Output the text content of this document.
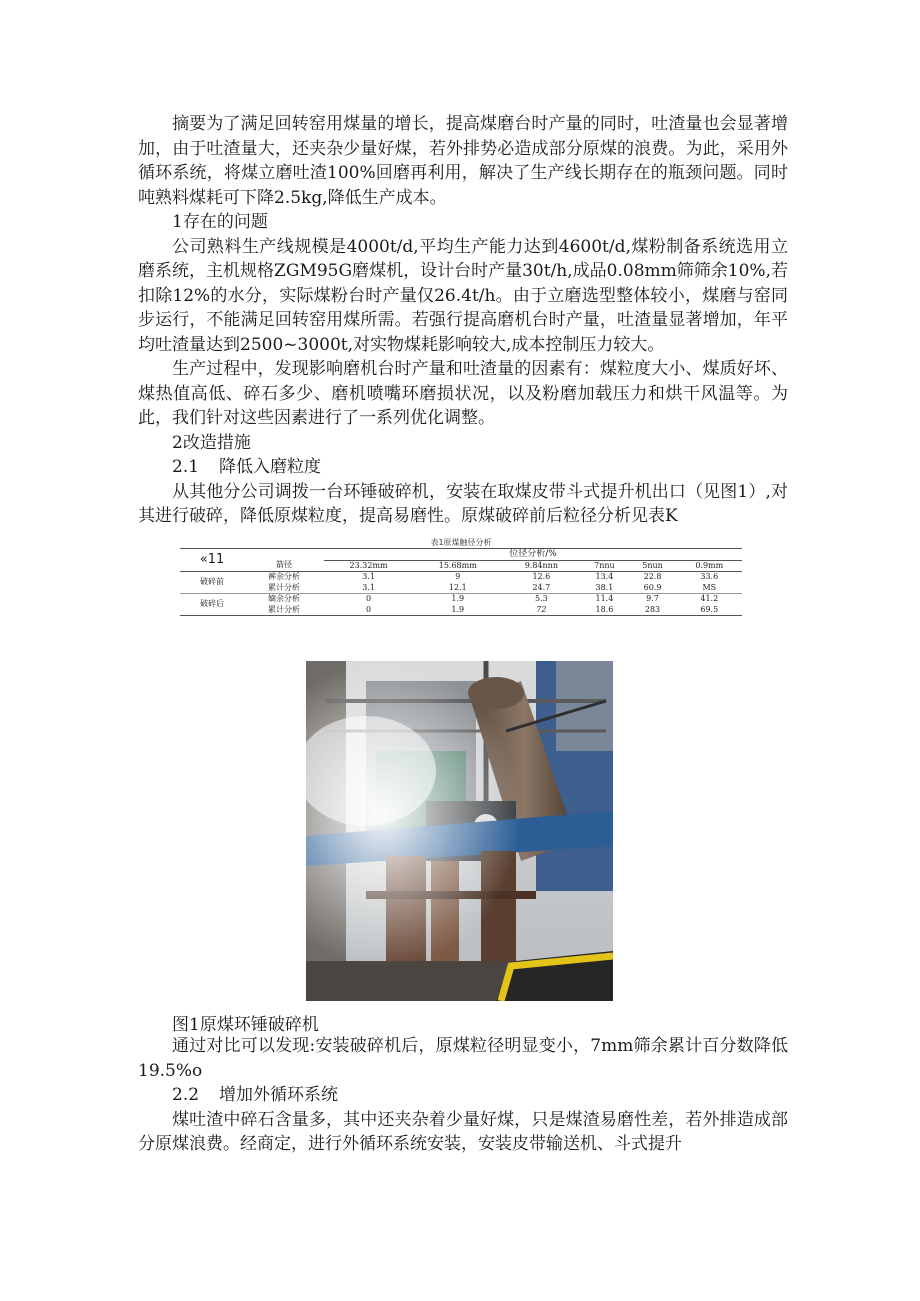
摘要为了满足回转窑用煤量的增长，提高煤磨台时产量的同时，吐渣量也会显著增加，由于吐渣量大，还夹杂少量好煤，若外排势必造成部分原煤的浪费。为此，采用外循环系统，将煤立磨吐渣100%回磨再利用，解决了生产线长期存在的瓶颈问题。同时吨熟料煤耗可下降2.5kg,降低生产成本。

1存在的问题

公司熟料生产线规模是4000t/d,平均生产能力达到4600t/d,煤粉制备系统选用立磨系统，主机规格ZGM95G磨煤机，设计台时产量30t/h,成品0.08mm筛筛余10%,若扣除12%的水分，实际煤粉台时产量仅26.4t/h。由于立磨选型整体较小，煤磨与窑同步运行，不能满足回转窑用煤所需。若强行提高磨机台时产量，吐渣量显著增加，年平均吐渣量达到2500~3000t,对实物煤耗影响较大,成本控制压力较大。

生产过程中，发现影响磨机台时产量和吐渣量的因素有：煤粒度大小、煤质好坏、煤热值高低、碎石多少、磨机喷嘴环磨损状况，以及粉磨加载压力和烘干风温等。为此，我们针对这些因素进行了一系列优化调整。

2改造措施

2.1 降低入磨粒度

从其他分公司调拨一台环锤破碎机，安装在取煤皮带斗式提升机出口（见图1）,对其进行破碎，降低原煤粒度，提高易磨性。原煤破碎前后粒径分析见表K

表1原煤触径分析
«11		位径分析/%					
	箭径	23.32mm	15.68mm	9.84nnn	7nnu	5nun	0.9mm
破碎前	裤余分析	3.1	9	12.6	13.4	22.8	33.6
	累计分析	3.1	12.1	24.7	38.1	60.9	MS
破碎后	嫡余分析	0	1.9	5.3	11.4	9.7	41.2
	累计分析	0	1.9	72	18.6	283	69.5
图1原煤环锤破碎机

通过对比可以发现:安装破碎机后，原煤粒径明显变小，7mm筛余累计百分数降低19.5%o

2.2 增加外循环系统

煤吐渣中碎石含量多，其中还夹杂着少量好煤，只是煤渣易磨性差，若外排造成部分原煤浪费。经商定，进行外循环系统安装，安装皮带输送机、斗式提升
